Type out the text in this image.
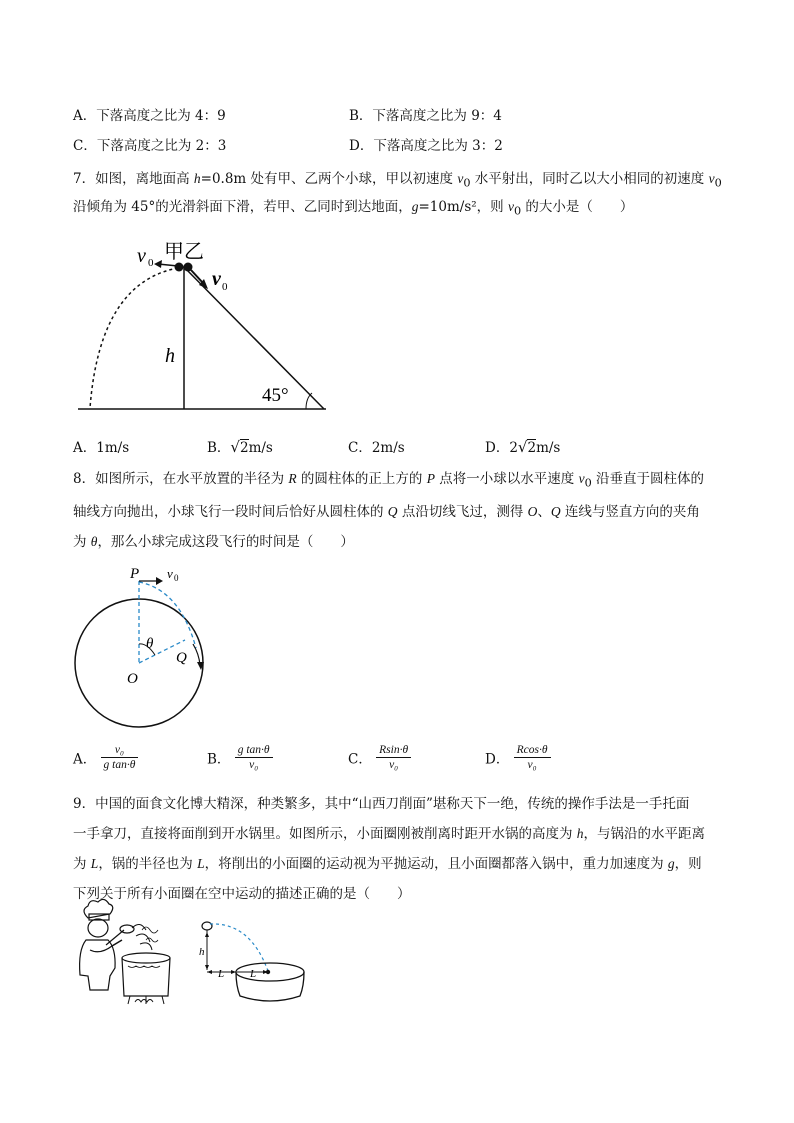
A．下落高度之比为 4：9	B．下落高度之比为 9：4
C．下落高度之比为 2：3	D．下落高度之比为 3：2
7．如图，离地面高 h=0.8m 处有甲、乙两个小球，甲以初速度 $v_0$ 水平射出，同时乙以大小相同的初速度 $v_0$
沿倾角为 45°的光滑斜面下滑，若甲、乙同时到达地面，g=10m/s²，则 $v_0$ 的大小是（　　）
v 0 甲乙
v 0
h
45°
A．1m/s	B．√2m/s	C．2m/s	D．2√2m/s
8．如图所示，在水平放置的半径为 R 的圆柱体的正上方的 P 点将一小球以水平速度 $v_0$ 沿垂直于圆柱体的
轴线方向抛出，小球飞行一段时间后恰好从圆柱体的 Q 点沿切线飞过，测得 O、Q 连线与竖直方向的夹角
为 θ，那么小球完成这段飞行的时间是（　　）
P v 0
θ
Q
O
A． $\frac{\text{v₀}}{\text{g tan·θ}}$	B． $\frac{\text{g tan·θ}}{\text{v₀}}$	C． $\frac{Rsin\cdot\theta}{\text{v₀}}$	D． $\frac{Rcos\cdot\theta}{\text{v₀}}$
9．中国的面食文化博大精深，种类繁多，其中“山西刀削面”堪称天下一绝，传统的操作手法是一手托面
一手拿刀，直接将面削到开水锅里。如图所示，小面圈刚被削离时距开水锅的高度为 h，与锅沿的水平距离
为 L，锅的半径也为 L，将削出的小面圈的运动视为平抛运动，且小面圈都落入锅中，重力加速度为 g，则
下列关于所有小面圈在空中运动的描述正确的是（　　）
h
L L
